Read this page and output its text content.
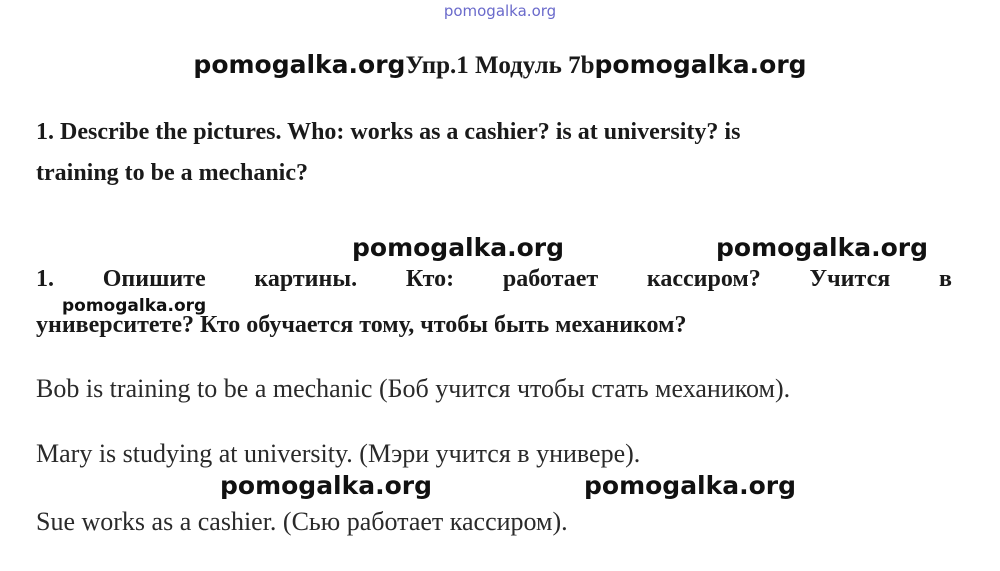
pomogalka.org
pomogalka.orgУпр.1 Модуль 7bpomogalka.org
1. Describe the pictures. Who: works as a cashier? is at university? is
training to be a mechanic?
pomogalka.org	pomogalka.org
1. Опишите картины. Кто: работает кассиром? Учится в
pomogalka.org
университете? Кто обучается тому, чтобы быть механиком?
Bob is training to be a mechanic (Боб учится чтобы стать механиком).
Mary is studying at university. (Мэри учится в универе).
pomogalka.org	pomogalka.org
Sue works as a cashier. (Сью работает кассиром).
